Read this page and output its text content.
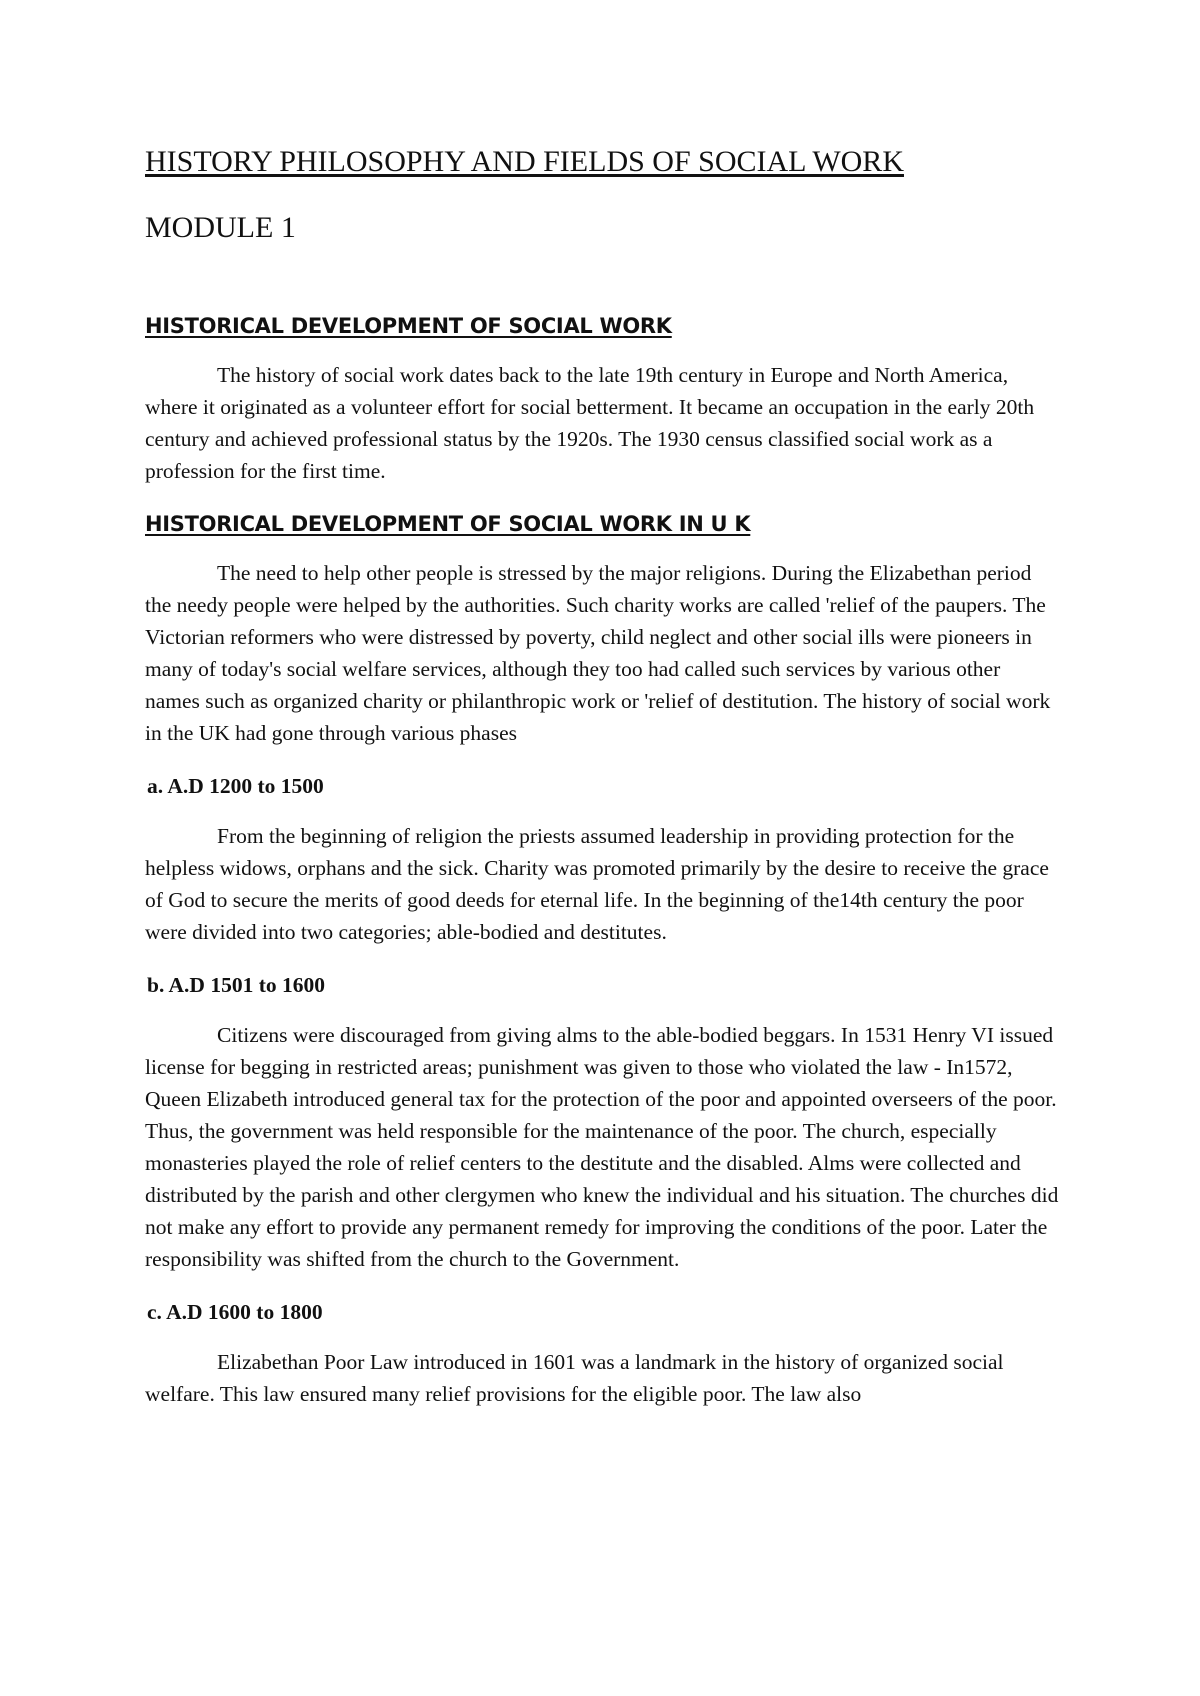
HISTORY PHILOSOPHY AND FIELDS OF SOCIAL WORK
MODULE 1
HISTORICAL DEVELOPMENT OF SOCIAL WORK

The history of social work dates back to the late 19th century in Europe and North America, where it originated as a volunteer effort for social betterment. It became an occupation in the early 20th century and achieved professional status by the 1920s. The 1930 census classified social work as a profession for the first time.

HISTORICAL DEVELOPMENT OF SOCIAL WORK IN U K

The need to help other people is stressed by the major religions. During the Elizabethan period the needy people were helped by the authorities. Such charity works are called 'relief of the paupers. The Victorian reformers who were distressed by poverty, child neglect and other social ills were pioneers in many of today's social welfare services, although they too had called such services by various other names such as organized charity or philanthropic work or 'relief of destitution. The history of social work in the UK had gone through various phases

a. A.D 1200 to 1500

From the beginning of religion the priests assumed leadership in providing protection for the helpless widows, orphans and the sick. Charity was promoted primarily by the desire to receive the grace of God to secure the merits of good deeds for eternal life. In the beginning of the14th century the poor were divided into two categories; able-bodied and destitutes.

b. A.D 1501 to 1600

Citizens were discouraged from giving alms to the able-bodied beggars. In 1531 Henry VI issued license for begging in restricted areas; punishment was given to those who violated the law - In1572, Queen Elizabeth introduced general tax for the protection of the poor and appointed overseers of the poor. Thus, the government was held responsible for the maintenance of the poor. The church, especially monasteries played the role of relief centers to the destitute and the disabled. Alms were collected and distributed by the parish and other clergymen who knew the individual and his situation. The churches did not make any effort to provide any permanent remedy for improving the conditions of the poor. Later the responsibility was shifted from the church to the Government.

c. A.D 1600 to 1800

Elizabethan Poor Law introduced in 1601 was a landmark in the history of organized social welfare. This law ensured many relief provisions for the eligible poor. The law also
